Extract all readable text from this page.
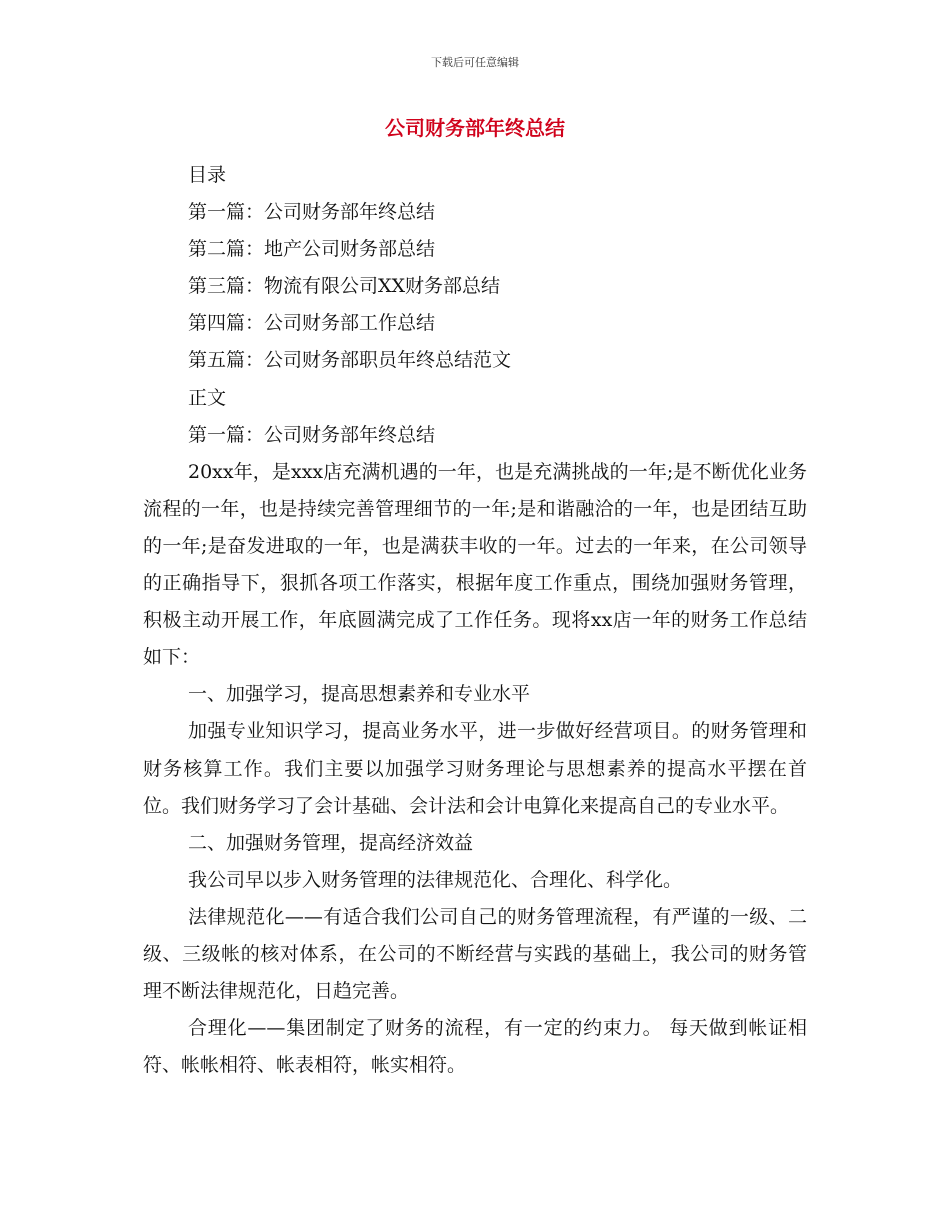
下载后可任意编辑
公司财务部年终总结
目录
第一篇：公司财务部年终总结
第二篇：地产公司财务部总结
第三篇：物流有限公司XX财务部总结
第四篇：公司财务部工作总结
第五篇：公司财务部职员年终总结范文
正文
第一篇：公司财务部年终总结
20xx年，是xxx店充满机遇的一年，也是充满挑战的一年;是不断优化业务流程的一年，也是持续完善管理细节的一年;是和谐融洽的一年，也是团结互助的一年;是奋发进取的一年，也是满获丰收的一年。过去的一年来，在公司领导的正确指导下，狠抓各项工作落实，根据年度工作重点，围绕加强财务管理，积极主动开展工作，年底圆满完成了工作任务。现将xx店一年的财务工作总结如下：
一、加强学习，提高思想素养和专业水平
加强专业知识学习，提高业务水平，进一步做好经营项目。的财务管理和财务核算工作。我们主要以加强学习财务理论与思想素养的提高水平摆在首位。我们财务学习了会计基础、会计法和会计电算化来提高自己的专业水平。
二、加强财务管理，提高经济效益
我公司早以步入财务管理的法律规范化、合理化、科学化。
法律规范化——有适合我们公司自己的财务管理流程，有严谨的一级、二级、三级帐的核对体系，在公司的不断经营与实践的基础上，我公司的财务管理不断法律规范化，日趋完善。
合理化——集团制定了财务的流程，有一定的约束力。 每天做到帐证相符、帐帐相符、帐表相符，帐实相符。
